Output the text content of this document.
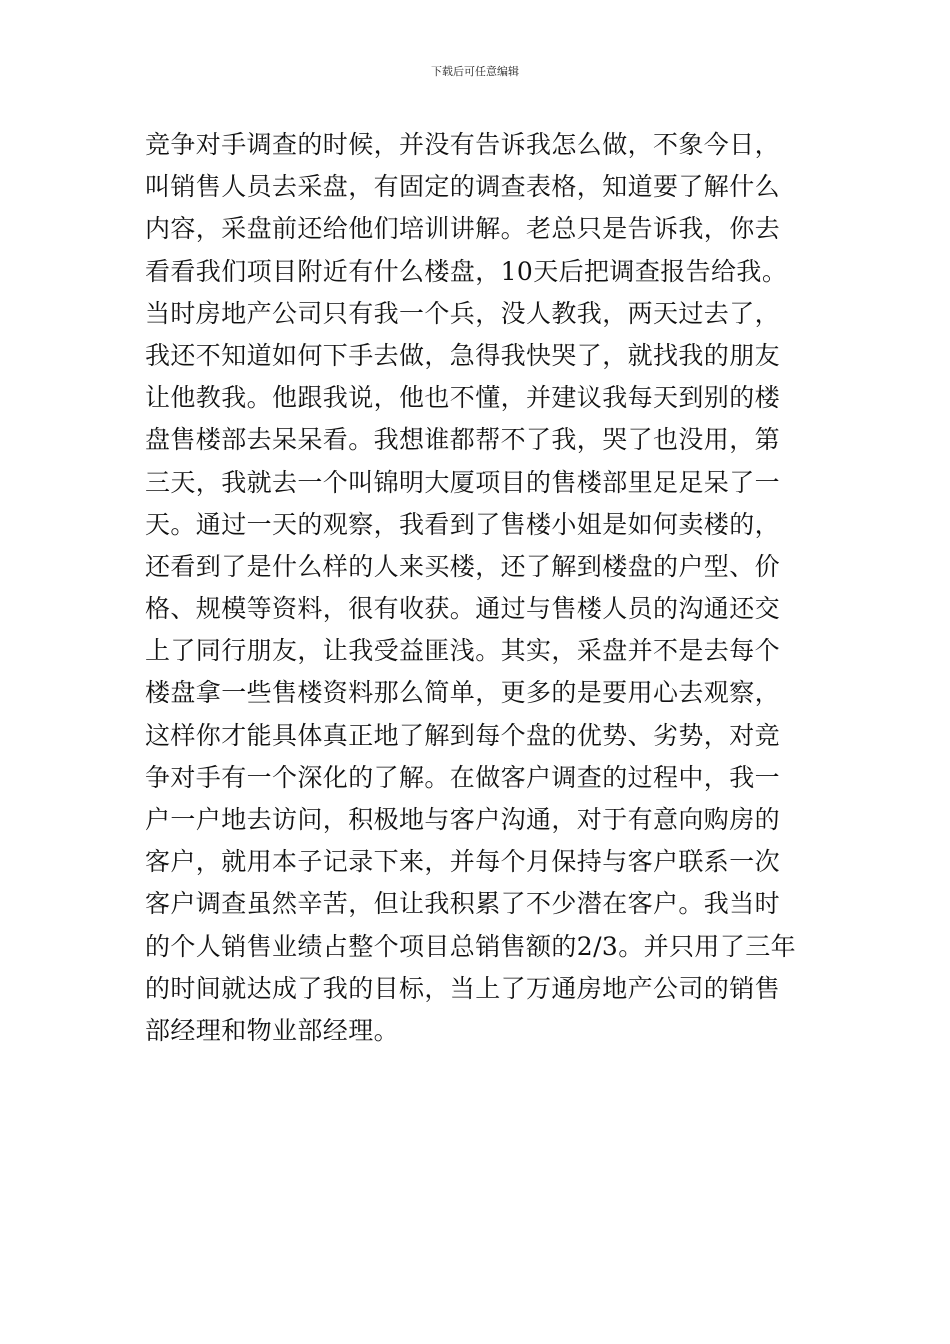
下载后可任意编辑
竞争对手调查的时候，并没有告诉我怎么做，不象今日，
叫销售人员去采盘，有固定的调查表格，知道要了解什么
内容，采盘前还给他们培训讲解。老总只是告诉我，你去
看看我们项目附近有什么楼盘，10天后把调查报告给我。
当时房地产公司只有我一个兵，没人教我，两天过去了，
我还不知道如何下手去做，急得我快哭了，就找我的朋友
让他教我。他跟我说，他也不懂，并建议我每天到别的楼
盘售楼部去呆呆看。我想谁都帮不了我，哭了也没用，第
三天，我就去一个叫锦明大厦项目的售楼部里足足呆了一
天。通过一天的观察，我看到了售楼小姐是如何卖楼的，
还看到了是什么样的人来买楼，还了解到楼盘的户型、价
格、规模等资料，很有收获。通过与售楼人员的沟通还交
上了同行朋友，让我受益匪浅。其实，采盘并不是去每个
楼盘拿一些售楼资料那么简单，更多的是要用心去观察，
这样你才能具体真正地了解到每个盘的优势、劣势，对竞
争对手有一个深化的了解。在做客户调查的过程中，我一
户一户地去访问，积极地与客户沟通，对于有意向购房的
客户，就用本子记录下来，并每个月保持与客户联系一次
客户调查虽然辛苦，但让我积累了不少潜在客户。我当时
的个人销售业绩占整个项目总销售额的2/3。并只用了三年
的时间就达成了我的目标，当上了万通房地产公司的销售
部经理和物业部经理。
